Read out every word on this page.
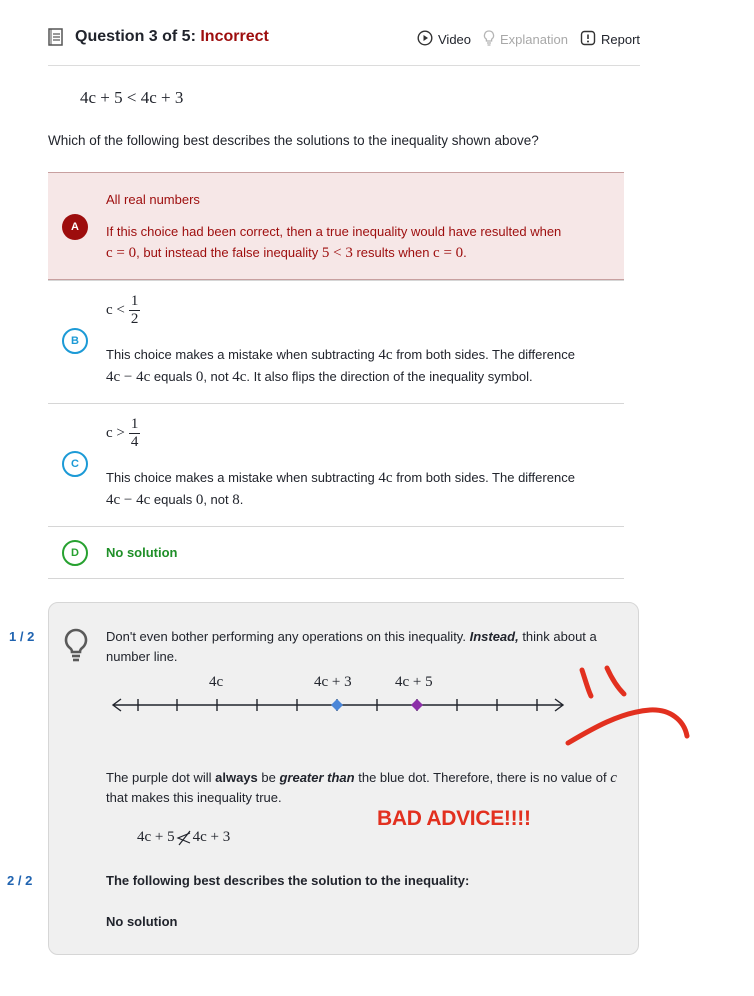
Question 3 of 5: Incorrect	Video Explanation	Report
4c + 5 < 4c + 3
Which of the following best describes the solutions to the inequality shown above?
A
All real numbers
If this choice had been correct, then a true inequality would have resulted when
c = 0, but instead the false inequality 5 < 3 results when c = 0.
B
$c < \frac{1}{2}$
This choice makes a mistake when subtracting 4c from both sides. The difference
4c − 4c equals 0, not 4c. It also flips the direction of the inequality symbol.
C
$c > \frac{1}{4}$
This choice makes a mistake when subtracting 4c from both sides. The difference
4c − 4c equals 0, not 8.
D	No solution
1 / 2
2 / 2
Don't even bother performing any operations on this inequality. Instead, think about a number line.
4c	4c + 3	4c + 5
The purple dot will always be greater than the blue dot. Therefore, there is no value of c that makes this inequality true.
4c + 5 4c + 3
The following best describes the solution to the inequality:
No solution
BAD ADVICE!!!!
